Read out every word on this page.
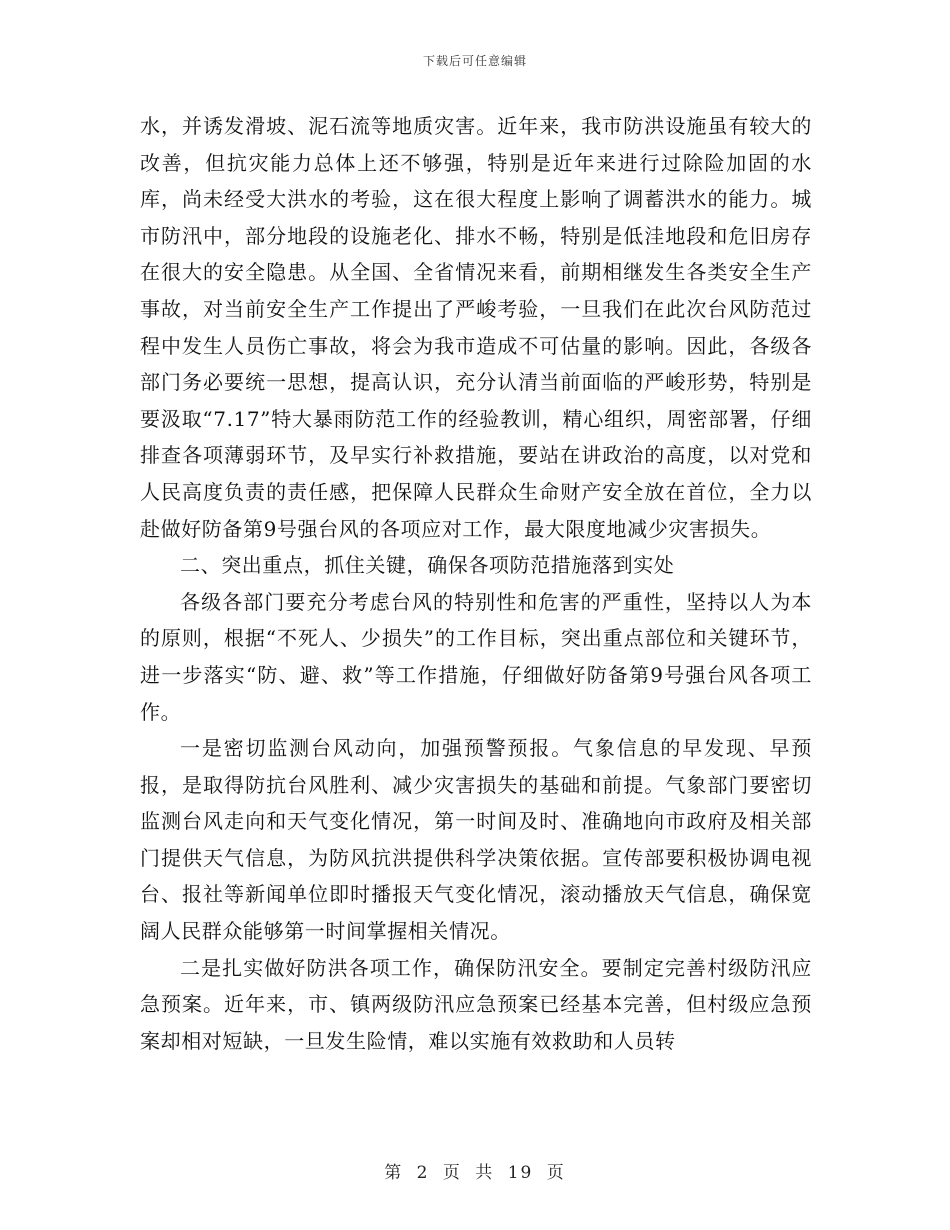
下载后可任意编辑

水，并诱发滑坡、泥石流等地质灾害。近年来，我市防洪设施虽有较大的改善，但抗灾能力总体上还不够强，特别是近年来进行过除险加固的水库，尚未经受大洪水的考验，这在很大程度上影响了调蓄洪水的能力。城市防汛中，部分地段的设施老化、排水不畅，特别是低洼地段和危旧房存在很大的安全隐患。从全国、全省情况来看，前期相继发生各类安全生产事故，对当前安全生产工作提出了严峻考验，一旦我们在此次台风防范过程中发生人员伤亡事故，将会为我市造成不可估量的影响。因此，各级各部门务必要统一思想，提高认识，充分认清当前面临的严峻形势，特别是要汲取“7.17”特大暴雨防范工作的经验教训，精心组织，周密部署，仔细排查各项薄弱环节，及早实行补救措施，要站在讲政治的高度，以对党和人民高度负责的责任感，把保障人民群众生命财产安全放在首位，全力以赴做好防备第9号强台风的各项应对工作，最大限度地减少灾害损失。

二、突出重点，抓住关键，确保各项防范措施落到实处

各级各部门要充分考虑台风的特别性和危害的严重性，坚持以人为本的原则，根据“不死人、少损失”的工作目标，突出重点部位和关键环节，进一步落实“防、避、救”等工作措施，仔细做好防备第9号强台风各项工作。

一是密切监测台风动向，加强预警预报。气象信息的早发现、早预报，是取得防抗台风胜利、减少灾害损失的基础和前提。气象部门要密切监测台风走向和天气变化情况，第一时间及时、准确地向市政府及相关部门提供天气信息，为防风抗洪提供科学决策依据。宣传部要积极协调电视台、报社等新闻单位即时播报天气变化情况，滚动播放天气信息，确保宽阔人民群众能够第一时间掌握相关情况。

二是扎实做好防洪各项工作，确保防汛安全。要制定完善村级防汛应急预案。近年来，市、镇两级防汛应急预案已经基本完善，但村级应急预案却相对短缺，一旦发生险情，难以实施有效救助和人员转

第 2 页 共 19 页
